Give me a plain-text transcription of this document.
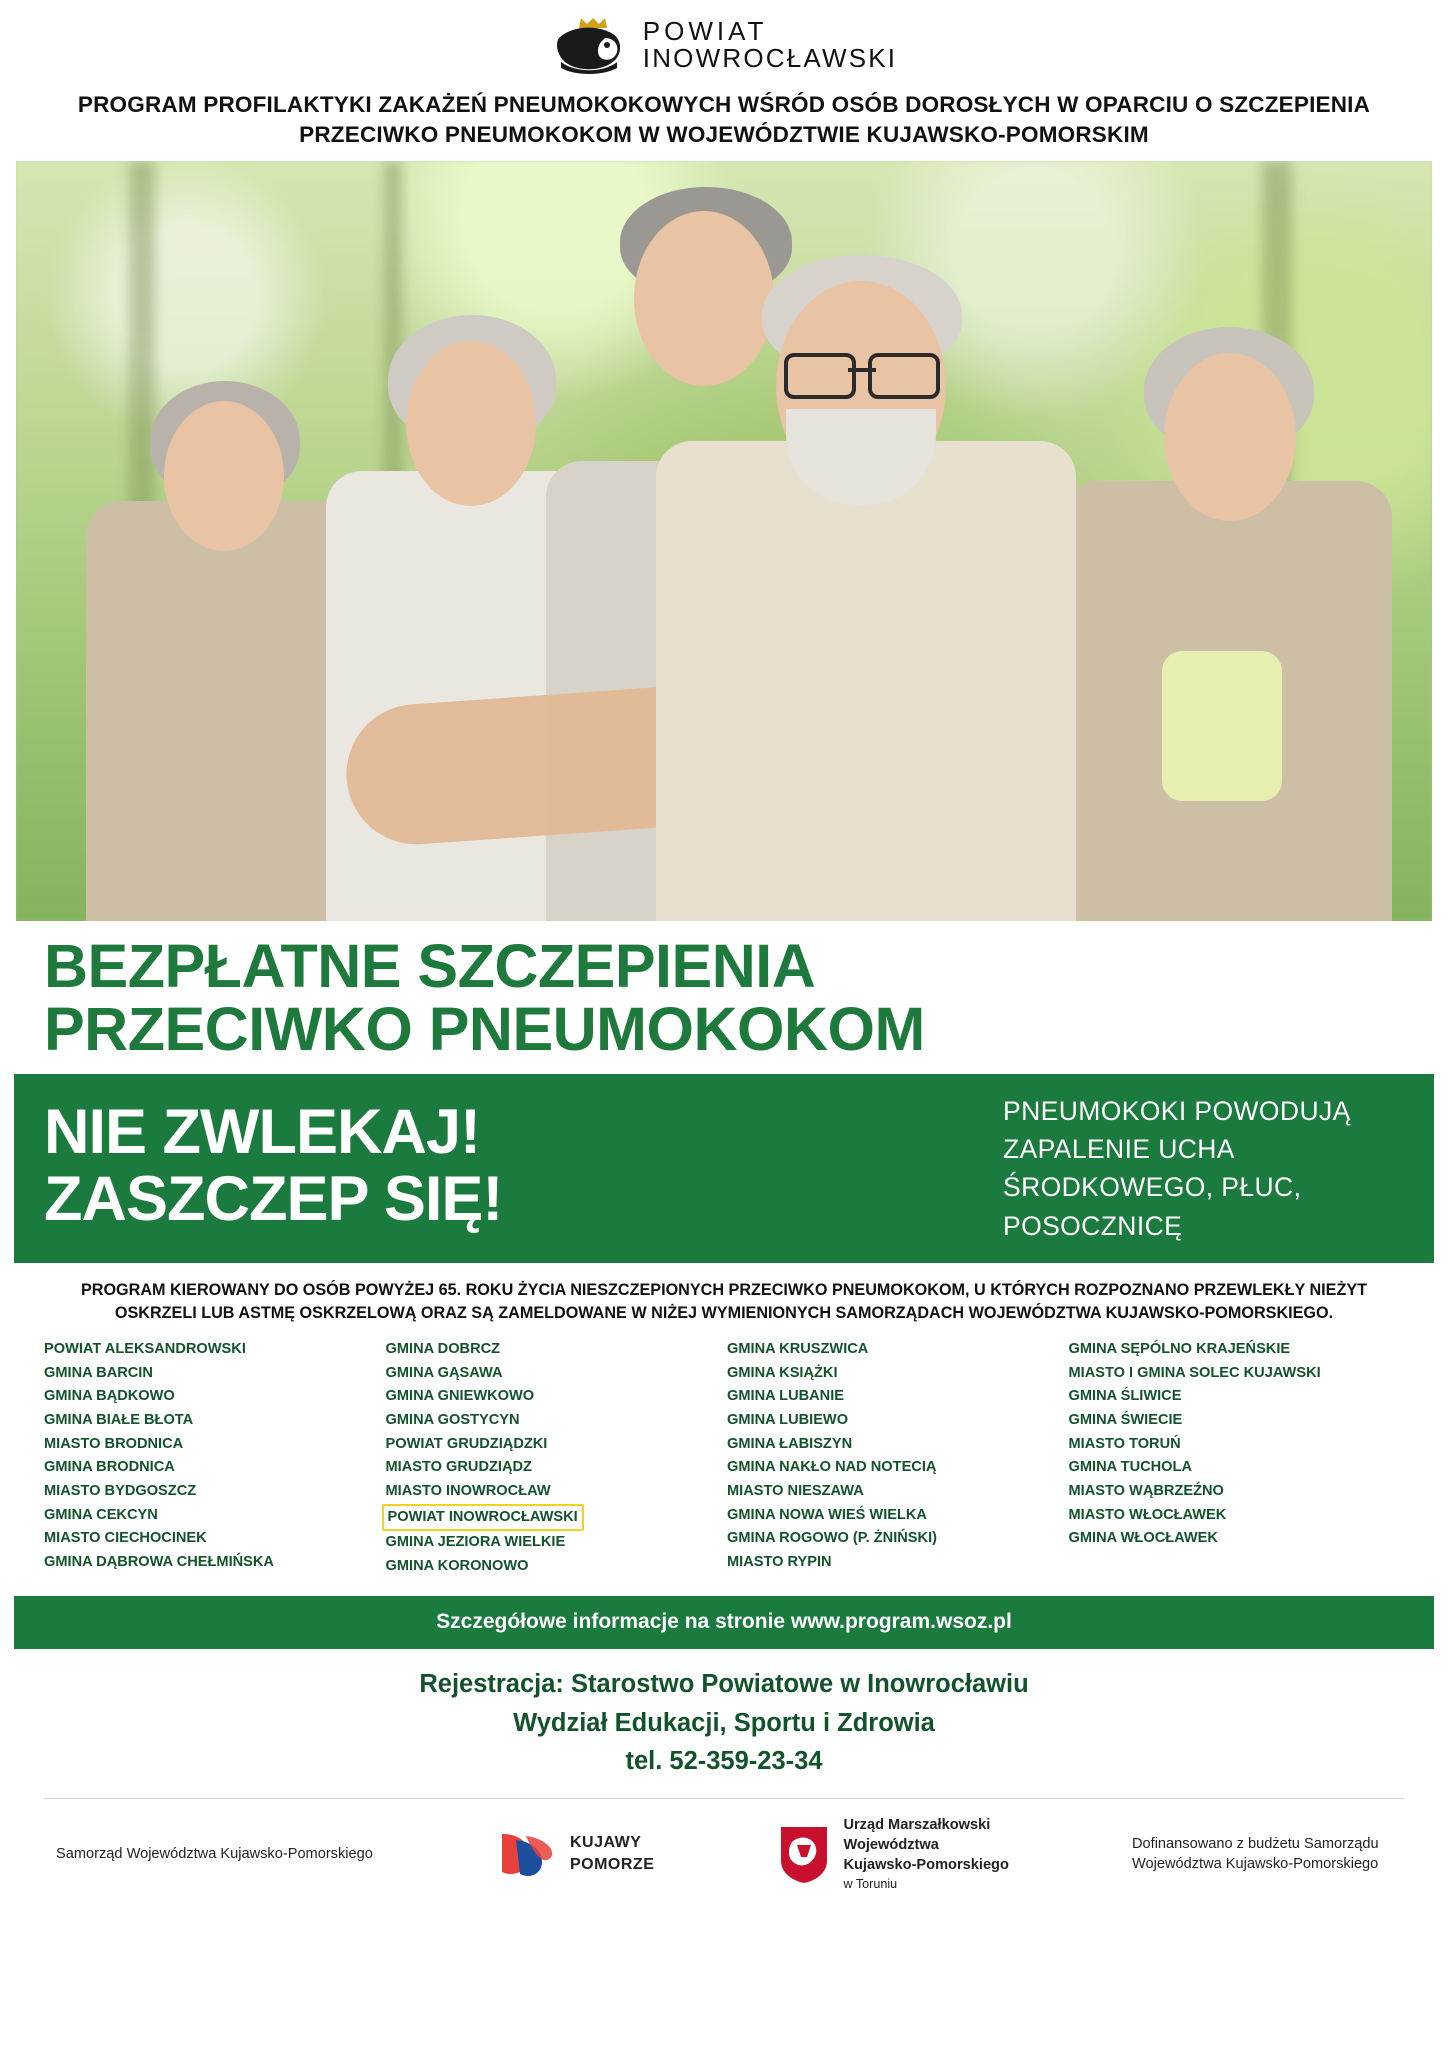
POWIAT
INOWROCŁAWSKI
PROGRAM PROFILAKTYKI ZAKAŻEŃ PNEUMOKOKOWYCH WŚRÓD OSÓB DOROSŁYCH W OPARCIU O SZCZEPIENIA PRZECIWKO PNEUMOKOKOM W WOJEWÓDZTWIE KUJAWSKO-POMORSKIM
BEZPŁATNE SZCZEPIENIA
PRZECIWKO PNEUMOKOKOM
NIE ZWLEKAJ!
ZASZCZEP SIĘ!
PNEUMOKOKI POWODUJĄ ZAPALENIE UCHA ŚRODKOWEGO, PŁUC, POSOCZNICĘ
PROGRAM KIEROWANY DO OSÓB POWYŻEJ 65. ROKU ŻYCIA NIESZCZEPIONYCH PRZECIWKO PNEUMOKOKOM, U KTÓRYCH ROZPOZNANO PRZEWLEKŁY NIEŻYT OSKRZELI LUB ASTMĘ OSKRZELOWĄ ORAZ SĄ ZAMELDOWANE W NIŻEJ WYMIENIONYCH SAMORZĄDACH WOJEWÓDZTWA KUJAWSKO-POMORSKIEGO.
POWIAT ALEKSANDROWSKI
GMINA BARCIN
GMINA BĄDKOWO
GMINA BIAŁE BŁOTA
MIASTO BRODNICA
GMINA BRODNICA
MIASTO BYDGOSZCZ
GMINA CEKCYN
MIASTO CIECHOCINEK
GMINA DĄBROWA CHEŁMIŃSKA
GMINA DOBRCZ
GMINA GĄSAWA
GMINA GNIEWKOWO
GMINA GOSTYCYN
POWIAT GRUDZIĄDZKI
MIASTO GRUDZIĄDZ
MIASTO INOWROCŁAW
POWIAT INOWROCŁAWSKI
GMINA JEZIORA WIELKIE
GMINA KORONOWO
GMINA KRUSZWICA
GMINA KSIĄŻKI
GMINA LUBANIE
GMINA LUBIEWO
GMINA ŁABISZYN
GMINA NAKŁO NAD NOTECIĄ
MIASTO NIESZAWA
GMINA NOWA WIEŚ WIELKA
GMINA ROGOWO (P. ŻNIŃSKI)
MIASTO RYPIN
GMINA SĘPÓLNO KRAJEŃSKIE
MIASTO I GMINA SOLEC KUJAWSKI
GMINA ŚLIWICE
GMINA ŚWIECIE
MIASTO TORUŃ
GMINA TUCHOLA
MIASTO WĄBRZEŹNO
MIASTO WŁOCŁAWEK
GMINA WŁOCŁAWEK
Szczegółowe informacje na stronie www.program.wsoz.pl
Rejestracja: Starostwo Powiatowe w Inowrocławiu
Wydział Edukacji, Sportu i Zdrowia
tel. 52-359-23-34
Samorząd Województwa Kujawsko-Pomorskiego
KUJAWY
POMORZE
Urząd Marszałkowski
Województwa
Kujawsko-Pomorskiego
w Toruniu
Dofinansowano z budżetu Samorządu Województwa Kujawsko-Pomorskiego
